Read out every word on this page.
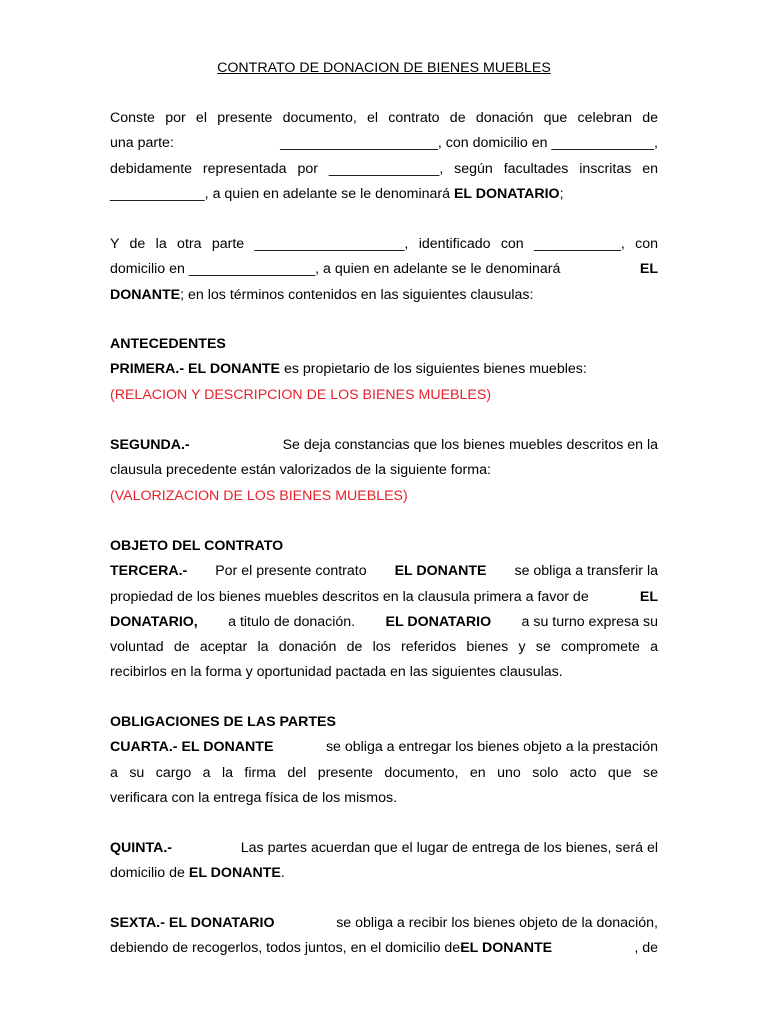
CONTRATO DE DONACION DE BIENES MUEBLES
Conste por el presente documento, el contrato de donación que celebran de
una parte:	____________________, con domicilio en _____________,
debidamente representada por ______________, según facultades inscritas en
____________, a quien en adelante se le denominará EL DONATARIO;
Y de la otra parte ___________________, identificado con ___________, con
domicilio en ________________, a quien en adelante se le denominará	EL
DONANTE; en los términos contenidos en las siguientes clausulas:
ANTECEDENTES
PRIMERA.- EL DONANTE es propietario de los siguientes bienes muebles:
(RELACION Y DESCRIPCION DE LOS BIENES MUEBLES)
SEGUNDA.-	Se deja constancias que los bienes muebles descritos en la
clausula precedente están valorizados de la siguiente forma:
(VALORIZACION DE LOS BIENES MUEBLES)
OBJETO DEL CONTRATO
TERCERA.- Por el presente contrato EL DONANTE se obliga a transferir la
propiedad de los bienes muebles descritos en la clausula primera a favor de	EL
DONATARIO, a titulo de donación. EL DONATARIO a su turno expresa su
voluntad de aceptar la donación de los referidos bienes y se compromete a
recibirlos en la forma y oportunidad pactada en las siguientes clausulas.
OBLIGACIONES DE LAS PARTES
CUARTA.- EL DONANTE	se obliga a entregar los bienes objeto a la prestación
a su cargo a la firma del presente documento, en uno solo acto que se
verificara con la entrega física de los mismos.
QUINTA.-	Las partes acuerdan que el lugar de entrega de los bienes, será el
domicilio de EL DONANTE.
SEXTA.- EL DONATARIO	se obliga a recibir los bienes objeto de la donación,
debiendo de recogerlos, todos juntos, en el domicilio deEL DONANTE	, de
